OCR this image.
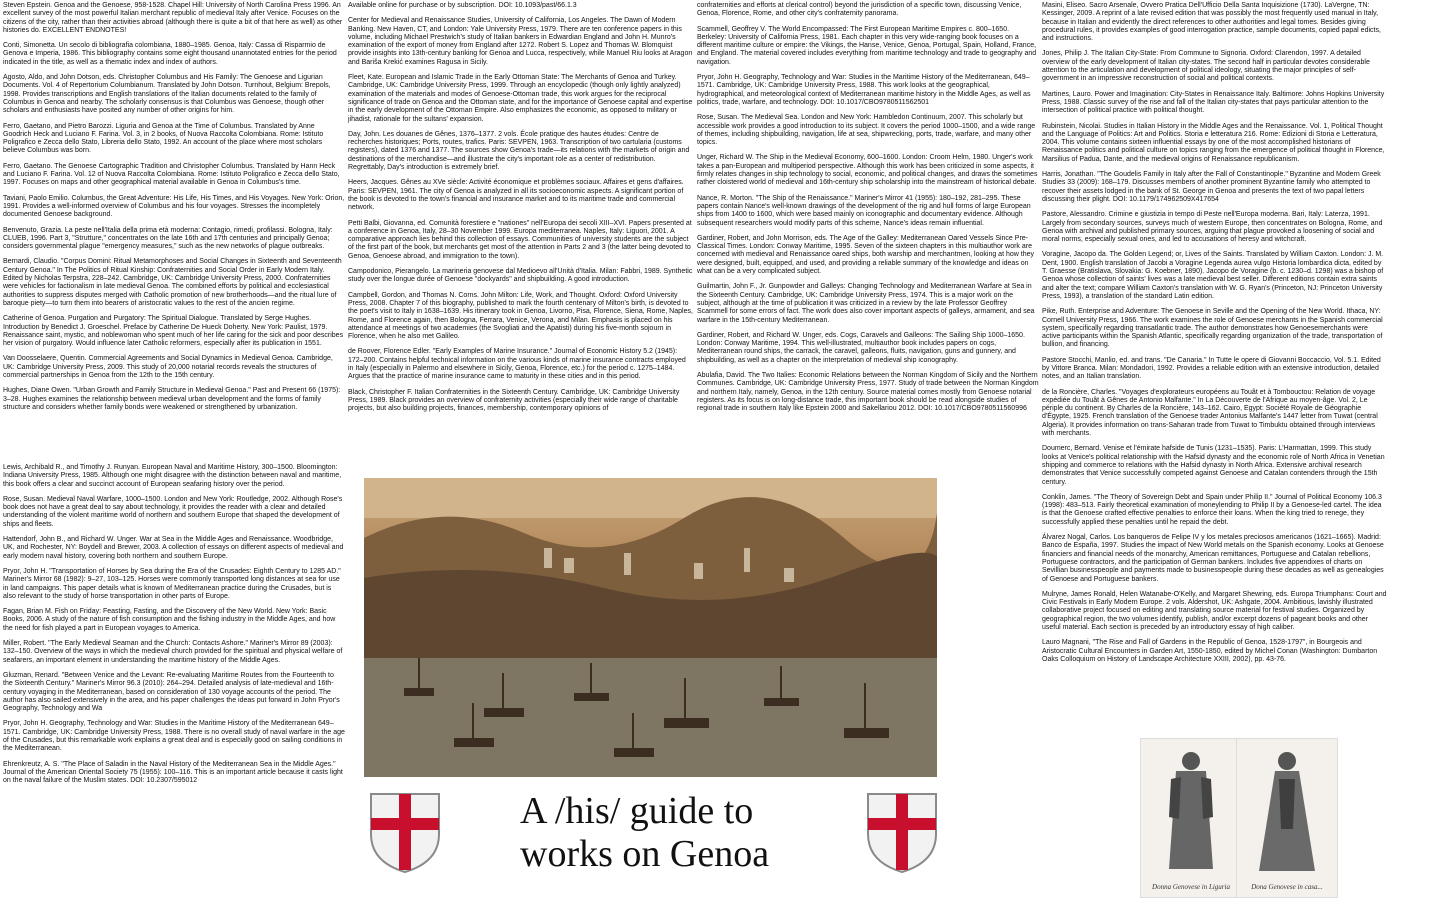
Steven Epstein. Genoa and the Genoese, 958-1528. Chapel Hill: University of North Carolina Press 1996. An excellent survey of the most powerful Italian merchant republic of medieval Italy after Venice. Focuses on the citizens of the city, rather than their activities abroad (although there is quite a bit of that here as well) as other histories do. EXCELLENT ENDNOTES!
Conti, Simonetta. Un secolo di bibliografia colombiana, 1880–1985. Genoa, Italy: Cassa di Risparmio de Genova e Imperia, 1986. This bibliography contains some eight thousand unannotated entries for the period indicated in the title, as well as a thematic index and index of authors.
Agosto, Aldo, and John Dotson, eds. Christopher Columbus and His Family: The Genoese and Ligurian Documents. Vol. 4 of Repertorium Columbianum. Translated by John Dotson. Turnhout, Belgium: Brepols, 1998. Provides transcriptions and English translations of the Italian documents related to the family of Columbus in Genoa and nearby. The scholarly consensus is that Columbus was Genoese, though other scholars and enthusiasts have posited any number of other origins for him.
Ferro, Gaetano, and Pietro Barozzi. Liguria and Genoa at the Time of Columbus. Translated by Anne Goodrich Heck and Luciano F. Farina. Vol. 3, in 2 books, of Nuova Raccolta Colombiana. Rome: Istituto Poligrafico e Zecca dello Stato, Libreria dello Stato, 1992. An account of the place where most scholars believe Columbus was born.
Ferro, Gaetano. The Genoese Cartographic Tradition and Christopher Columbus. Translated by Hann Heck and Luciano F. Farina. Vol. 12 of Nuova Raccolta Colombiana. Rome: Istituto Poligrafico e Zecca dello Stato, 1997. Focuses on maps and other geographical material available in Genoa in Columbus's time.
Taviani, Paolo Emilio. Columbus, the Great Adventure: His Life, His Times, and His Voyages. New York: Orion, 1991. Provides a well-informed overview of Columbus and his four voyages. Stresses the incompletely documented Genoese background.
Benvenuto, Grazia. La peste nell'Italia della prima età moderna: Contagio, rimedi, profilassi. Bologna, Italy: CLUEB, 1996. Part 3, "Strutture," concentrates on the late 16th and 17th centuries and principally Genoa; considers governmental plague "emergency measures," such as the new networks of plague outbreaks.
Bernardi, Claudio. "Corpus Domini: Ritual Metamorphoses and Social Changes in Sixteenth and Seventeenth Century Genoa." In The Politics of Ritual Kinship: Confraternities and Social Order in Early Modern Italy. Edited by Nicholas Terpstra, 228–242. Cambridge, UK: Cambridge University Press, 2000. Confraternities were vehicles for factionalism in late medieval Genoa. The combined efforts by political and ecclesiastical authorities to suppress disputes merged with Catholic promotion of new brotherhoods—and the ritual lure of baroque piety—to turn them into bearers of aristocratic values to the rest of the ancien regime.
Catherine of Genoa. Purgation and Purgatory: The Spiritual Dialogue. Translated by Serge Hughes. Introduction by Benedict J. Groeschel. Preface by Catherine De Hueck Doherty. New York: Paulist, 1979. Renaissance saint, mystic, and noblewoman who spent much of her life caring for the sick and poor describes her vision of purgatory. Would influence later Catholic reformers, especially after its publication in 1551.
Van Doosselaere, Quentin. Commercial Agreements and Social Dynamics in Medieval Genoa. Cambridge, UK: Cambridge University Press, 2009. This study of 20,000 notarial records reveals the structures of commercial partnerships in Genoa from the 12th to the 15th century.
Hughes, Diane Owen. "Urban Growth and Family Structure in Medieval Genoa." Past and Present 66 (1975): 3–28. Hughes examines the relationship between medieval urban development and the forms of family structure and considers whether family bonds were weakened or strengthened by urbanization.
Lewis, Archibald R., and Timothy J. Runyan. European Naval and Maritime History, 300–1500. Bloomington: Indiana University Press, 1985. Although one might disagree with the distinction between naval and maritime, this book offers a clear and succinct account of European seafaring history over the period.
Rose, Susan. Medieval Naval Warfare, 1000–1500. London and New York: Routledge, 2002. Although Rose's book does not have a great deal to say about technology, it provides the reader with a clear and detailed understanding of the violent maritime world of northern and southern Europe that shaped the development of ships and fleets.
Hattendorf, John B., and Richard W. Unger. War at Sea in the Middle Ages and Renaissance. Woodbridge, UK, and Rochester, NY: Boydell and Brewer, 2003. A collection of essays on different aspects of medieval and early modern naval history, covering both northern and southern Europe.
Pryor, John H. "Transportation of Horses by Sea during the Era of the Crusades: Eighth Century to 1285 AD." Mariner's Mirror 68 (1982): 9–27, 103–125. Horses were commonly transported long distances at sea for use in land campaigns. This paper details what is known of Mediterranean practice during the Crusades, but is also relevant to the study of horse transportation in other parts of Europe.
Fagan, Brian M. Fish on Friday: Feasting, Fasting, and the Discovery of the New World. New York: Basic Books, 2006. A study of the nature of fish consumption and the fishing industry in the Middle Ages, and how the need for fish played a part in European voyages to America.
Miller, Robert. "The Early Medieval Seaman and the Church: Contacts Ashore." Mariner's Mirror 89 (2003): 132–150. Overview of the ways in which the medieval church provided for the spiritual and physical welfare of seafarers, an important element in understanding the maritime history of the Middle Ages.
Gluzman, Renard. "Between Venice and the Levant: Re-evaluating Maritime Routes from the Fourteenth to the Sixteenth Century." Mariner's Mirror 96.3 (2010): 264–294. Detailed analysis of late-medieval and 16th-century voyaging in the Mediterranean, based on consideration of 130 voyage accounts of the period. The author has also sailed extensively in the area, and his paper challenges the ideas put forward in John Pryor's Geography, Technology and Wa
Pryor, John H. Geography, Technology and War: Studies in the Maritime History of the Mediterranean 649–1571. Cambridge, UK: Cambridge University Press, 1988. There is no overall study of naval warfare in the age of the Crusades, but this remarkable work explains a great deal and is especially good on sailing conditions in the Mediterranean.
Ehrenkreutz, A. S. "The Place of Saladin in the Naval History of the Mediterranean Sea in the Middle Ages." Journal of the American Oriental Society 75 (1955): 100–116. This is an important article because it casts light on the naval failure of the Muslim states. DOI: 10.2307/595012
Available online for purchase or by subscription. DOI: 10.1093/past/66.1.3
Center for Medieval and Renaissance Studies, University of California, Los Angeles. The Dawn of Modern Banking. New Haven, CT, and London: Yale University Press, 1979. There are ten conference papers in this volume, including Michael Prestwich's study of Italian bankers in Edwardian England and John H. Munro's examination of the export of money from England after 1272. Robert S. Lopez and Thomas W. Blomquist provide insights into 13th-century banking for Genoa and Lucca, respectively, while Manuel Riu looks at Aragon and Bariša Krekić examines Ragusa in Sicily.
Fleet, Kate. European and Islamic Trade in the Early Ottoman State: The Merchants of Genoa and Turkey. Cambridge, UK: Cambridge University Press, 1999. Through an encyclopedic (though only lightly analyzed) examination of the materials and modes of Genoese-Ottoman trade, this work argues for the reciprocal significance of trade on Genoa and the Ottoman state, and for the importance of Genoese capital and expertise in the early development of the Ottoman Empire. Also emphasizes the economic, as opposed to military or jihadist, rationale for the sultans' expansion.
Day, John. Les douanes de Gênes, 1376–1377. 2 vols. École pratique des hautes études: Centre de recherches historiques; Ports, routes, trafics. Paris: SEVPEN, 1963. Transcription of two cartularia (customs registers), dated 1376 and 1377. The sources show Genoa's trade—its relations with the markets of origin and destinations of the merchandise—and illustrate the city's important role as a center of redistribution. Regrettably, Day's introduction is extremely brief.
Heers, Jacques. Gênes au XVe siècle: Activité économique et problèmes sociaux. Affaires et gens d'affaires. Paris: SEVPEN, 1961. The city of Genoa is analyzed in all its socioeconomic aspects. A significant portion of the book is devoted to the town's financial and insurance market and to its maritime trade and commercial network.
Petti Balbi, Giovanna, ed. Comunità forestiere e "nationes" nell'Europa dei secoli XIII–XVI. Papers presented at a conference in Genoa, Italy, 28–30 November 1999. Europa mediterranea. Naples, Italy: Liguori, 2001. A comparative approach lies behind this collection of essays. Communities of university students are the subject of the first part of the book, but merchants get most of the attention in Parts 2 and 3 (the latter being devoted to Genoa, Genoese abroad, and immigration to the town).
Campodonico, Pierangelo. La marineria genovese dal Medioevo all'Unità d'Italia. Milan: Fabbri, 1989. Synthetic study over the longue durée of Genoese "dockyards" and shipbuilding. A good introduction.
Campbell, Gordon, and Thomas N. Corns. John Milton: Life, Work, and Thought. Oxford: Oxford University Press, 2008. Chapter 7 of this biography, published to mark the fourth centenary of Milton's birth, is devoted to the poet's visit to Italy in 1638–1639. His itinerary took in Genoa, Livorno, Pisa, Florence, Siena, Rome, Naples, Rome, and Florence again, then Bologna, Ferrara, Venice, Verona, and Milan. Emphasis is placed on his attendance at meetings of two academies (the Svogliati and the Apatisti) during his five-month sojourn in Florence, when he also met Galileo.
de Roover, Florence Edler. "Early Examples of Marine Insurance." Journal of Economic History 5.2 (1945): 172–200. Contains helpful technical information on the various kinds of marine insurance contracts employed in Italy (especially in Palermo and elsewhere in Sicily, Genoa, Florence, etc.) for the period c. 1275–1484. Argues that the practice of marine insurance came to maturity in these cities and in this period.
Black, Christopher F. Italian Confraternities in the Sixteenth Century. Cambridge, UK: Cambridge University Press, 1989. Black provides an overview of confraternity activities (especially their wide range of charitable projects, but also building projects, finances, membership, contemporary opinions of
confraternities and efforts at clerical control) beyond the jurisdiction of a specific town, discussing Venice, Genoa, Florence, Rome, and other city's confraternity panorama.
Scammell, Geoffrey V. The World Encompassed: The First European Maritime Empires c. 800–1650. Berkeley: University of California Press, 1981. Each chapter in this very wide-ranging book focuses on a different maritime culture or empire: the Vikings, the Hanse, Venice, Genoa, Portugal, Spain, Holland, France, and England. The material covered includes everything from maritime technology and trade to geography and navigation.
Pryor, John H. Geography, Technology and War: Studies in the Maritime History of the Mediterranean, 649–1571. Cambridge, UK: Cambridge University Press, 1988. This work looks at the geographical, hydrographical, and meteorological context of Mediterranean maritime history in the Middle Ages, as well as politics, trade, warfare, and technology. DOI: 10.1017/CBO9780511562501
Rose, Susan. The Medieval Sea. London and New York: Hambledon Continuum, 2007. This scholarly but accessible work provides a good introduction to its subject. It covers the period 1000–1500, and a wide range of themes, including shipbuilding, navigation, life at sea, shipwrecking, ports, trade, warfare, and many other topics.
Unger, Richard W. The Ship in the Medieval Economy, 600–1600. London: Croom Helm, 1980. Unger's work takes a pan-European and multiperiod perspective. Although this work has been criticized in some aspects, it firmly relates changes in ship technology to social, economic, and political changes, and draws the sometimes rather cloistered world of medieval and 16th-century ship scholarship into the mainstream of historical debate.
Nance, R. Morton. "The Ship of the Renaissance." Mariner's Mirror 41 (1955): 180–192, 281–295. These papers contain Nance's well-known drawings of the development of the rig and hull forms of large European ships from 1400 to 1600, which were based mainly on iconographic and documentary evidence. Although subsequent researchers would modify parts of this scheme, Nance's ideas remain influential.
Gardiner, Robert, and John Morrison, eds. The Age of the Galley: Mediterranean Oared Vessels Since Pre-Classical Times. London: Conway Maritime, 1995. Seven of the sixteen chapters in this multiauthor work are concerned with medieval and Renaissance oared ships, both warship and merchantmen, looking at how they were designed, built, equipped, and used, and providing a reliable summary of the knowledge and ideas on what can be a very complicated subject.
Guilmartin, John F., Jr. Gunpowder and Galleys: Changing Technology and Mediterranean Warfare at Sea in the Sixteenth Century. Cambridge, UK: Cambridge University Press, 1974. This is a major work on the subject, although at the time of publication it was criticized in a review by the late Professor Geoffrey Scammell for some errors of fact. The work does also cover important aspects of galleys, armament, and sea warfare in the 15th-century Mediterranean.
Gardiner, Robert, and Richard W. Unger, eds. Cogs, Caravels and Galleons: The Sailing Ship 1000–1650. London: Conway Maritime, 1994. This well-illustrated, multiauthor book includes papers on cogs, Mediterranean round ships, the carrack, the caravel, galleons, fluits, navigation, guns and gunnery, and shipbuilding, as well as a chapter on the interpretation of medieval ship iconography.
Abulafia, David. The Two Italies: Economic Relations between the Norman Kingdom of Sicily and the Northern Communes. Cambridge, UK: Cambridge University Press, 1977. Study of trade between the Norman Kingdom and northern Italy, namely, Genoa, in the 12th century. Source material comes mostly from Genoese notarial registers. As its focus is on long-distance trade, this important book should be read alongside studies of regional trade in southern Italy like Epstein 2000 and Sakellariou 2012. DOI: 10.1017/CBO9780511560996
Masini, Eliseo. Sacro Arsenale, Ovvero Pratica Dell'Ufficio Della Santa Inquisizione (1730). LaVergne, TN: Kessinger, 2009. A reprint of a late revised edition that was possibly the most frequently used manual in Italy, because in Italian and evidently the direct references to other authorities and legal tomes. Besides giving procedural rules, it provides examples of good interrogation practice, sample documents, copied papal edicts, and instructions.
Jones, Philip J. The Italian City-State: From Commune to Signoria. Oxford: Clarendon, 1997. A detailed overview of the early development of Italian city-states. The second half in particular devotes considerable attention to the articulation and development of political ideology, situating the major principles of self-government in an impressive reconstruction of social and political contexts.
Martines, Lauro. Power and Imagination: City-States in Renaissance Italy. Baltimore: Johns Hopkins University Press, 1988. Classic survey of the rise and fall of the Italian city-states that pays particular attention to the intersection of political practice with political thought.
Rubinstein, Nicolai. Studies in Italian History in the Middle Ages and the Renaissance. Vol. 1, Political Thought and the Language of Politics: Art and Politics. Storia e letteratura 216. Rome: Edizioni di Storia e Letteratura, 2004. This volume contains sixteen influential essays by one of the most accomplished historians of Renaissance politics and political culture on topics ranging from the emergence of political thought in Florence, Marsilius of Padua, Dante, and the medieval origins of Renaissance republicanism.
Harris, Jonathan. "The Goudelis Family in Italy after the Fall of Constantinople." Byzantine and Modern Greek Studies 33 (2009): 168–179. Discusses members of another prominent Byzantine family who attempted to recover their assets lodged in the bank of St. George in Genoa and presents the text of two papal letters discussing their plight. DOI: 10.1179/174962509X417654
Pastore, Alessandro. Crimine e giustizia in tempo di Peste nell'Europa moderna. Bari, Italy: Laterza, 1991. Largely from secondary sources, surveys much of western Europe, then concentrates on Bologna, Rome, and Genoa with archival and published primary sources, arguing that plague provoked a loosening of social and moral norms, especially sexual ones, and led to accusations of heresy and witchcraft.
Voragine, Jacopo da. The Golden Legend; or, Lives of the Saints. Translated by William Caxton. London: J. M. Dent, 1900. English translation of Jacobi a Voragine Legenda aurea vulgo Historia lombardica dicta, edited by T. Graesse (Bratislava, Slovakia: G. Koebner, 1890). Jacopo de Voragine (b. c. 1230–d. 1298) was a bishop of Genoa whose collection of saints' lives was a late medieval best seller. Different editions contain extra saints and alter the text; compare William Caxton's translation with W. G. Ryan's (Princeton, NJ: Princeton University Press, 1993), a translation of the standard Latin edition.
Pike, Ruth. Enterprise and Adventure: The Genoese in Seville and the Opening of the New World. Ithaca, NY: Cornell University Press, 1966. The work examines the role of Genoese merchants in the Spanish commercial system, specifically regarding transatlantic trade. The author demonstrates how Genoesemerchants were active participants within the Spanish Atlantic, specifically regarding organization of the trade, transportation of bullion, and financing.
Pastore Stocchi, Manlio, ed. and trans. "De Canaria." In Tutte le opere di Giovanni Boccaccio, Vol. 5.1. Edited by Vittore Branca. Milan: Mondadori, 1992. Provides a reliable edition with an extensive introduction, detailed notes, and an Italian translation.
de la Roncière, Charles. "Voyages d'explorateurs européens au Touât et à Tombouctou: Relation de voyage expédiée du Touât à Gênes de Antonio Malfante." In La Découverte de l'Afrique au moyen-âge. Vol. 2, Le périple du continent. By Charles de la Roncière, 143–162. Cairo, Egypt: Société Royale de Géographie d'Égypte, 1925. French translation of the Genoese trader Antonius Malfante's 1447 letter from Tuwat (central Algeria). It provides information on trans-Saharan trade from Tuwat to Timbuktu obtained through interviews with merchants.
Doumerc, Bernard. Venise et l'émirate hafside de Tunis (1231–1535). Paris: L'Harmattan, 1999. This study looks at Venice's political relationship with the Hafsid dynasty and the economic role of North Africa in Venetian shipping and commerce to relations with the Hafsid dynasty in North Africa. Extensive archival research demonstrates that Venice successfully competed against Genoese and Catalan contenders through the 15th century.
Conklin, James. "The Theory of Sovereign Debt and Spain under Philip II." Journal of Political Economy 106.3 (1998): 483–513. Fairly theoretical examination of moneylending to Philip II by a Genoese-led cartel. The idea is that the Genoese crafted effective penalties to enforce their loans. When the king tried to renege, they successfully applied these penalties until he repaid the debt.
Álvarez Nogal, Carlos. Los banqueros de Felipe IV y los metales preciosos americanos (1621–1665). Madrid: Banco de España, 1997. Studies the impact of New World metals on the Spanish economy. Looks at Genoese financiers and financial needs of the monarchy, American remittances, Portuguese and Catalan rebellions, Portuguese contractors, and the participation of German bankers. Includes five appendixes of charts on Sevillian businesspeople and payments made to businesspeople during these decades as well as genealogies of Genoese and Portuguese bankers.
Mulryne, James Ronald, Helen Watanabe-O'Kelly, and Margaret Shewring, eds. Europa Triumphans: Court and Civic Festivals in Early Modern Europe. 2 vols. Aldershot, UK: Ashgate, 2004. Ambitious, lavishly illustrated collaborative project focused on editing and translating source material for festival studies. Organized by geographical region, the two volumes identify, publish, and/or excerpt dozens of pageant books and other useful material. Each section is preceded by an introductory essay of high caliber.
Lauro Magnani, "The Rise and Fall of Gardens in the Republic of Genoa, 1528-1797", in Bourgeois and Aristocratic Cultural Encounters in Garden Art, 1550-1850, edited by Michel Conan (Washington: Dumbarton Oaks Colloquium on History of Landscape Architecture XXIII, 2002), pp. 43-76.
A /his/ guide to
works on Genoa
Donna Genovese in Liguria	Dona Genovese in casa...
